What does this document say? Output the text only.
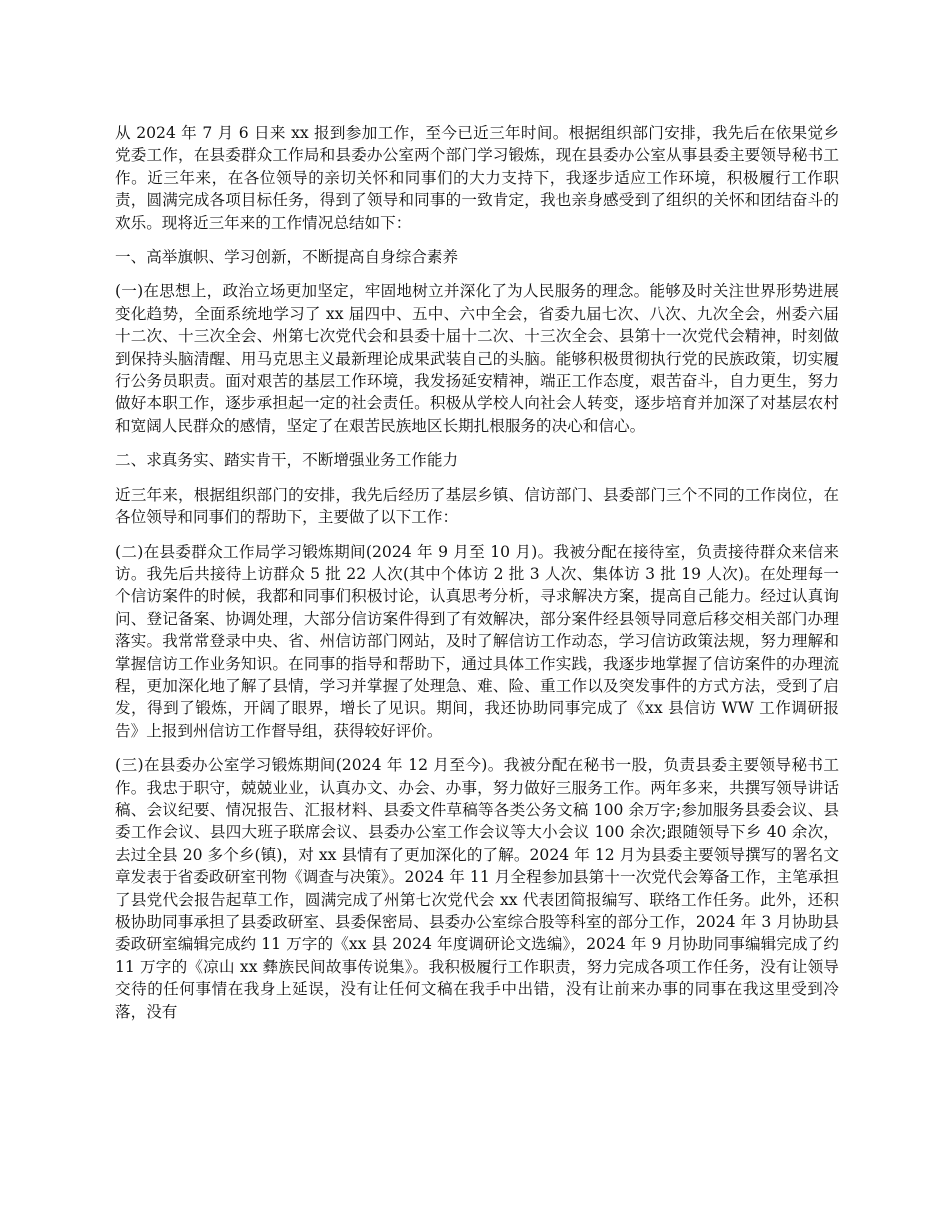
从 2024 年 7 月 6 日来 xx 报到参加工作，至今已近三年时间。根据组织部门安排，我先后在依果觉乡党委工作，在县委群众工作局和县委办公室两个部门学习锻炼，现在县委办公室从事县委主要领导秘书工作。近三年来，在各位领导的亲切关怀和同事们的大力支持下，我逐步适应工作环境，积极履行工作职责，圆满完成各项目标任务，得到了领导和同事的一致肯定，我也亲身感受到了组织的关怀和团结奋斗的欢乐。现将近三年来的工作情况总结如下：

一、高举旗帜、学习创新，不断提高自身综合素养

(一)在思想上，政治立场更加坚定，牢固地树立并深化了为人民服务的理念。能够及时关注世界形势进展变化趋势，全面系统地学习了 xx 届四中、五中、六中全会，省委九届七次、八次、九次全会，州委六届十二次、十三次全会、州第七次党代会和县委十届十二次、十三次全会、县第十一次党代会精神，时刻做到保持头脑清醒、用马克思主义最新理论成果武装自己的头脑。能够积极贯彻执行党的民族政策，切实履行公务员职责。面对艰苦的基层工作环境，我发扬延安精神，端正工作态度，艰苦奋斗，自力更生，努力做好本职工作，逐步承担起一定的社会责任。积极从学校人向社会人转变，逐步培育并加深了对基层农村和宽阔人民群众的感情，坚定了在艰苦民族地区长期扎根服务的决心和信心。

二、求真务实、踏实肯干，不断增强业务工作能力

近三年来，根据组织部门的安排，我先后经历了基层乡镇、信访部门、县委部门三个不同的工作岗位，在各位领导和同事们的帮助下，主要做了以下工作：

(二)在县委群众工作局学习锻炼期间(2024 年 9 月至 10 月)。我被分配在接待室，负责接待群众来信来访。我先后共接待上访群众 5 批 22 人次(其中个体访 2 批 3 人次、集体访 3 批 19 人次)。在处理每一个信访案件的时候，我都和同事们积极讨论，认真思考分析，寻求解决方案，提高自己能力。经过认真询问、登记备案、协调处理，大部分信访案件得到了有效解决，部分案件经县领导同意后移交相关部门办理落实。我常常登录中央、省、州信访部门网站，及时了解信访工作动态，学习信访政策法规，努力理解和掌握信访工作业务知识。在同事的指导和帮助下，通过具体工作实践，我逐步地掌握了信访案件的办理流程，更加深化地了解了县情，学习并掌握了处理急、难、险、重工作以及突发事件的方式方法，受到了启发，得到了锻炼，开阔了眼界，增长了见识。期间，我还协助同事完成了《xx 县信访 WW 工作调研报告》上报到州信访工作督导组，获得较好评价。

(三)在县委办公室学习锻炼期间(2024 年 12 月至今)。我被分配在秘书一股，负责县委主要领导秘书工作。我忠于职守，兢兢业业，认真办文、办会、办事，努力做好三服务工作。两年多来，共撰写领导讲话稿、会议纪要、情况报告、汇报材料、县委文件草稿等各类公务文稿 100 余万字;参加服务县委会议、县委工作会议、县四大班子联席会议、县委办公室工作会议等大小会议 100 余次;跟随领导下乡 40 余次，去过全县 20 多个乡(镇)，对 xx 县情有了更加深化的了解。2024 年 12 月为县委主要领导撰写的署名文章发表于省委政研室刊物《调查与决策》。2024 年 11 月全程参加县第十一次党代会筹备工作，主笔承担了县党代会报告起草工作，圆满完成了州第七次党代会 xx 代表团简报编写、联络工作任务。此外，还积极协助同事承担了县委政研室、县委保密局、县委办公室综合股等科室的部分工作，2024 年 3 月协助县委政研室编辑完成约 11 万字的《xx 县 2024 年度调研论文选编》，2024 年 9 月协助同事编辑完成了约 11 万字的《凉山 xx 彝族民间故事传说集》。我积极履行工作职责，努力完成各项工作任务，没有让领导交待的任何事情在我身上延误，没有让任何文稿在我手中出错，没有让前来办事的同事在我这里受到冷落，没有
